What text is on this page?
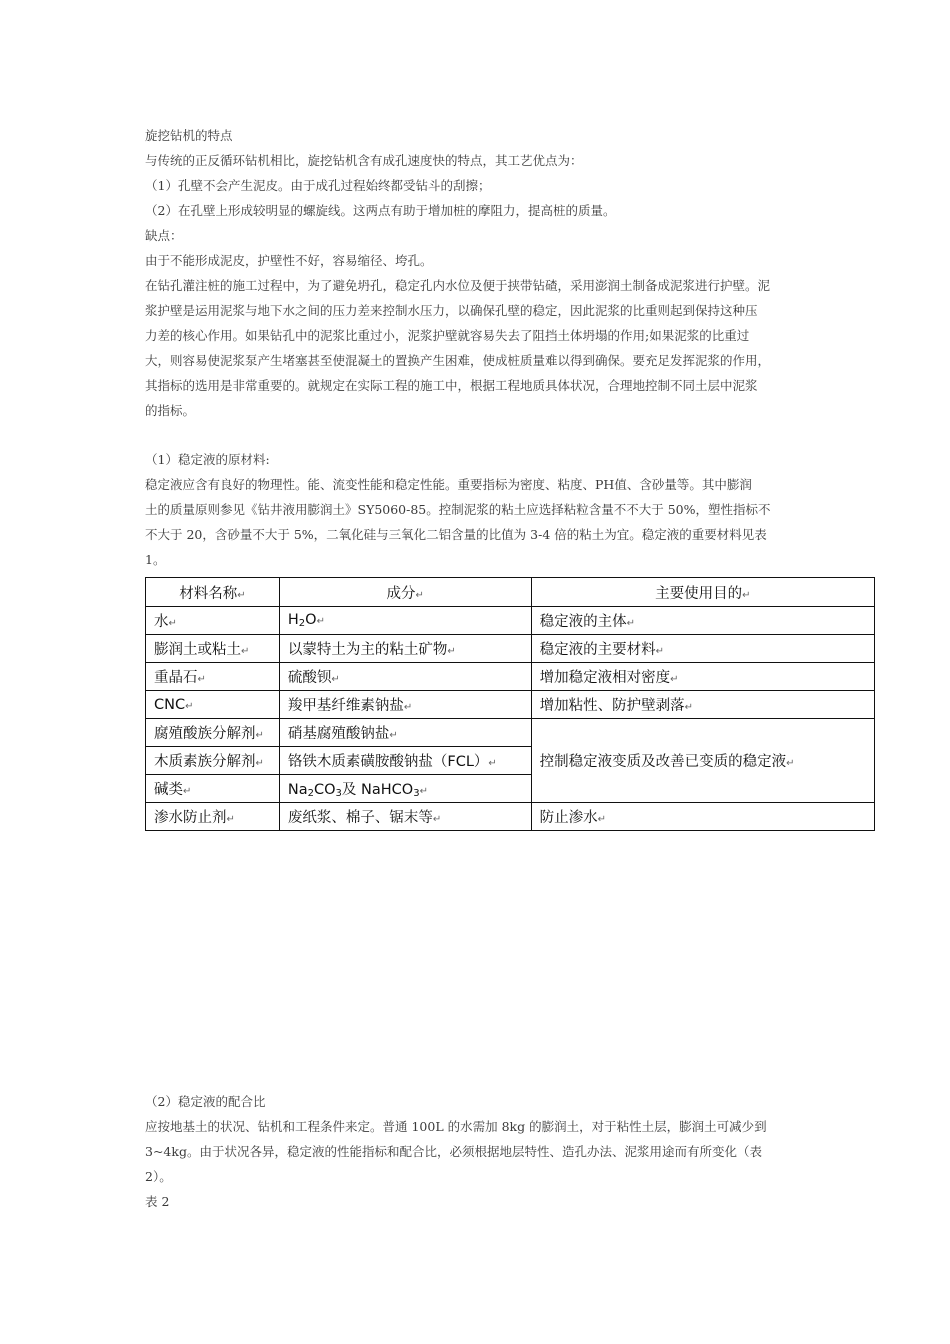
旋挖钻机的特点
与传统的正反循环钻机相比，旋挖钻机含有成孔速度快的特点，其工艺优点为：
（1）孔壁不会产生泥皮。由于成孔过程始终都受钻斗的刮擦；
（2）在孔壁上形成较明显的螺旋线。这两点有助于增加桩的摩阻力，提高桩的质量。
缺点：
由于不能形成泥皮，护壁性不好，容易缩径、垮孔。
在钻孔灌注桩的施工过程中，为了避免坍孔，稳定孔内水位及便于挟带钻碴，采用澎润土制备成泥浆进行护壁。泥
浆护壁是运用泥浆与地下水之间的压力差来控制水压力，以确保孔壁的稳定，因此泥浆的比重则起到保持这种压
力差的核心作用。如果钻孔中的泥浆比重过小，泥浆护壁就容易失去了阻挡土体坍塌的作用;如果泥浆的比重过
大，则容易使泥浆泵产生堵塞甚至使混凝土的置换产生困难，使成桩质量难以得到确保。要充足发挥泥浆的作用，
其指标的选用是非常重要的。就规定在实际工程的施工中，根据工程地质具体状况，合理地控制不同土层中泥浆
的指标。
（1）稳定液的原材料:
稳定液应含有良好的物理性。能、流变性能和稳定性能。重要指标为密度、粘度、PH值、含砂量等。其中膨润
土的质量原则参见《钻井液用膨润土》SY5060-85。控制泥浆的粘土应选择粘粒含量不不大于 50%，塑性指标不
不大于 20，含砂量不大于 5%，二氧化硅与三氧化二铝含量的比值为 3-4 倍的粘土为宜。稳定液的重要材料见表
1。
材料名称↵	成分↵	主要使用目的↵
水↵	$H_2O↵$	稳定液的主体↵
膨润土或粘土↵	以蒙特土为主的粘土矿物↵	稳定液的主要材料↵
重晶石↵	硫酸钡↵	增加稳定液相对密度↵
CNC↵	羧甲基纤维素钠盐↵	增加粘性、防护壁剥落↵
腐殖酸族分解剂↵	硝基腐殖酸钠盐↵	控制稳定液变质及改善已变质的稳定液↵
木质素族分解剂↵	铬铁木质素磺胺酸钠盐（FCL）↵	
碱类↵	$Na_2CO_3$及 NaHCO$_3$↵	
渗水防止剂↵	废纸浆、棉子、锯末等↵	防止渗水↵
（2）稳定液的配合比
应按地基土的状况、钻机和工程条件来定。普通 100L 的水需加 8kg 的膨润土，对于粘性土层，膨润土可减少到
3~4kg。由于状况各异，稳定液的性能指标和配合比，必须根据地层特性、造孔办法、泥浆用途而有所变化（表
2）。
表 2
